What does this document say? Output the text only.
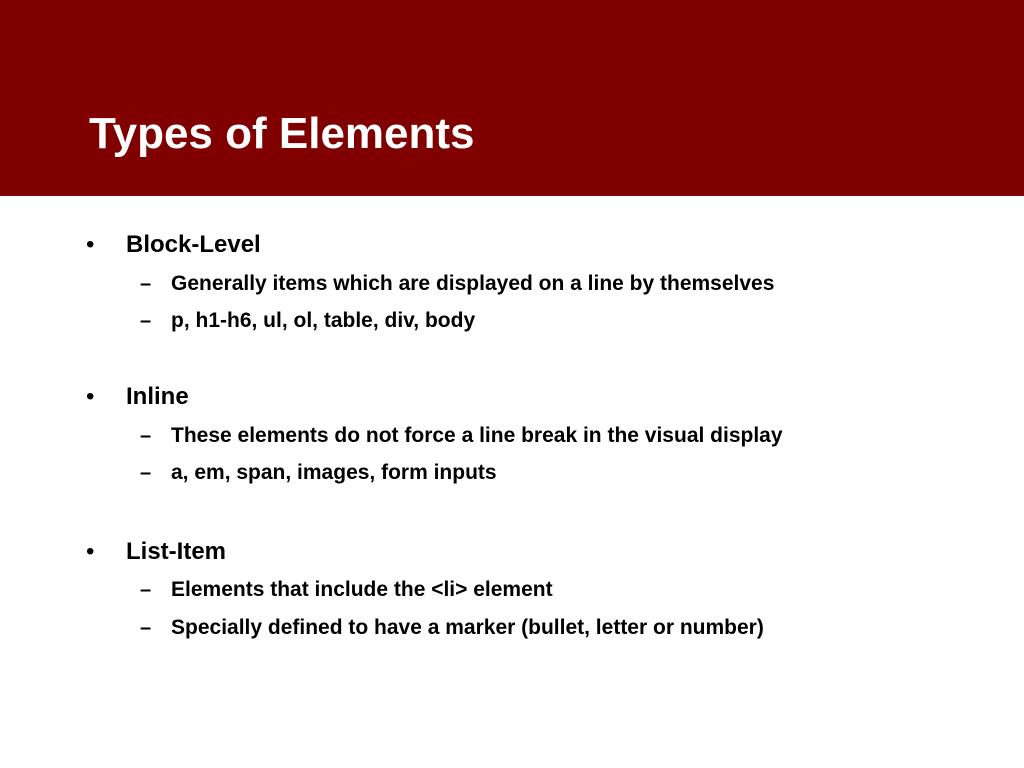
Types of Elements
• Block-Level
– Generally items which are displayed on a line by themselves
– p, h1-h6, ul, ol, table, div, body
• Inline
– These elements do not force a line break in the visual display
– a, em, span, images, form inputs
• List-Item
– Elements that include the <li> element
– Specially defined to have a marker (bullet, letter or number)
